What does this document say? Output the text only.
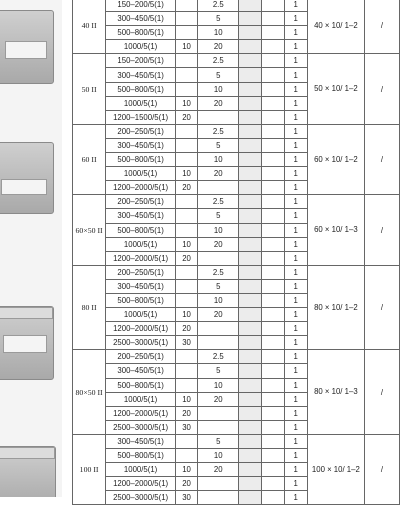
40 II	150–200/5(1)		2.5			1	40 × 10/ 1–2	/
	300–450/5(1)		5			1		
	500–800/5(1)		10			1		
	1000/5(1)	10	20			1		
50 II	150–200/5(1)		2.5			1	50 × 10/ 1–2	/
	300–450/5(1)		5			1		
	500–800/5(1)		10			1		
	1000/5(1)	10	20			1		
	1200–1500/5(1)	20				1		
60 II	200–250/5(1)		2.5			1	60 × 10/ 1–2	/
	300–450/5(1)		5			1		
	500–800/5(1)		10			1		
	1000/5(1)	10	20			1		
	1200–2000/5(1)	20				1		
60×50 II	200–250/5(1)		2.5			1	60 × 10/ 1–3	/
	300–450/5(1)		5			1		
	500–800/5(1)		10			1		
	1000/5(1)	10	20			1		
	1200–2000/5(1)	20				1		
80 II	200–250/5(1)		2.5			1	80 × 10/ 1–2	/
	300–450/5(1)		5			1		
	500–800/5(1)		10			1		
	1000/5(1)	10	20			1		
	1200–2000/5(1)	20				1		
	2500–3000/5(1)	30				1		
80×50 II	200–250/5(1)		2.5			1	80 × 10/ 1–3	/
	300–450/5(1)		5			1		
	500–800/5(1)		10			1		
	1000/5(1)	10	20			1		
	1200–2000/5(1)	20				1		
	2500–3000/5(1)	30				1		
100 II	300–450/5(1)		5			1	100 × 10/ 1–2	/
	500–800/5(1)		10			1		
	1000/5(1)	10	20			1		
	1200–2000/5(1)	20				1		
	2500–3000/5(1)	30				1		
